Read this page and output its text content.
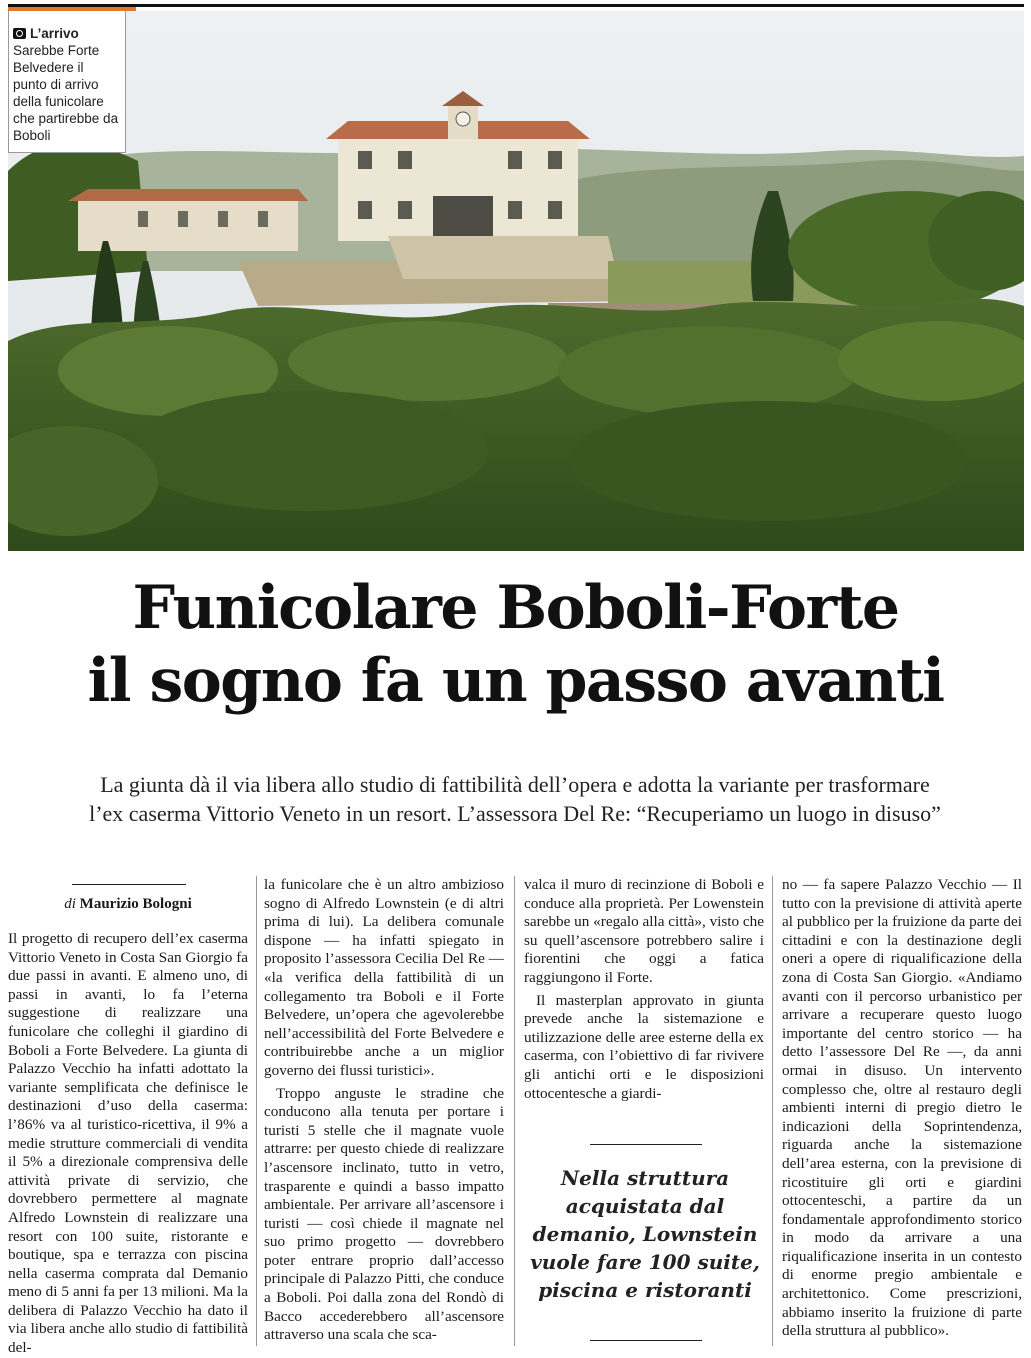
L’arrivo
Sarebbe Forte Belvedere il punto di arrivo della funicolare che partirebbe da Boboli
Funicolare Boboli-Forte
il sogno fa un passo avanti
La giunta dà il via libera allo studio di fattibilità dell’opera e adotta la variante per trasformare
l’ex caserma Vittorio Veneto in un resort. L’assessora Del Re: “Recuperiamo un luogo in disuso”
di Maurizio Bologni

Il progetto di recupero dell’ex caserma Vittorio Veneto in Costa San Giorgio fa due passi in avanti. E almeno uno, di passi in avanti, lo fa l’eterna suggestione di realizzare una funicolare che colleghi il giardino di Boboli a Forte Belvedere. La giunta di Palazzo Vecchio ha infatti adottato la variante semplificata che definisce le destinazioni d’uso della caserma: l’86% va al turistico-ricettiva, il 9% a medie strutture commerciali di vendita il 5% a direzionale comprensiva delle attività private di servizio, che dovrebbero permettere al magnate Alfredo Lownstein di realizzare una resort con 100 suite, ristorante e boutique, spa e terrazza con piscina nella caserma comprata dal Demanio meno di 5 anni fa per 13 milioni. Ma la delibera di Palazzo Vecchio ha dato il via libera anche allo studio di fattibilità del-

la funicolare che è un altro ambizioso sogno di Alfredo Lownstein (e di altri prima di lui). La delibera comunale dispone — ha infatti spiegato in proposito l’assessora Cecilia Del Re — «la verifica della fattibilità di un collegamento tra Boboli e il Forte Belvedere, un’opera che agevolerebbe nell’accessibilità del Forte Belvedere e contribuirebbe anche a un miglior governo dei flussi turistici».

Troppo anguste le stradine che conducono alla tenuta per portare i turisti 5 stelle che il magnate vuole attrarre: per questo chiede di realizzare l’ascensore inclinato, tutto in vetro, trasparente e quindi a basso impatto ambientale. Per arrivare all’ascensore i turisti — così chiede il magnate nel suo primo progetto — dovrebbero poter entrare proprio dall’accesso principale di Palazzo Pitti, che conduce a Boboli. Poi dalla zona del Rondò di Bacco accederebbero all’ascensore attraverso una scala che sca-

valca il muro di recinzione di Boboli e conduce alla proprietà. Per Lowenstein sarebbe un «regalo alla città», visto che su quell’ascensore potrebbero salire i fiorentini che oggi a fatica raggiungono il Forte.

Il masterplan approvato in giunta prevede anche la sistemazione e utilizzazione delle aree esterne della ex caserma, con l’obiettivo di far rivivere gli antichi orti e le disposizioni ottocentesche a giardi-

Nella struttura acquistata dal demanio, Lownstein vuole fare 100 suite, piscina e ristoranti

no — fa sapere Palazzo Vecchio — Il tutto con la previsione di attività aperte al pubblico per la fruizione da parte dei cittadini e con la destinazione degli oneri a opere di riqualificazione della zona di Costa San Giorgio. «Andiamo avanti con il percorso urbanistico per arrivare a recuperare questo luogo importante del centro storico — ha detto l’assessore Del Re —, da anni ormai in disuso. Un intervento complesso che, oltre al restauro degli ambienti interni di pregio dietro le indicazioni della Soprintendenza, riguarda anche la sistemazione dell’area esterna, con la previsione di ricostituire gli orti e giardini ottocenteschi, a partire da un fondamentale approfondimento storico in modo da arrivare a una riqualificazione inserita in un contesto di enorme pregio ambientale e architettonico. Come prescrizioni, abbiamo inserito la fruizione di parte della struttura al pubblico».
